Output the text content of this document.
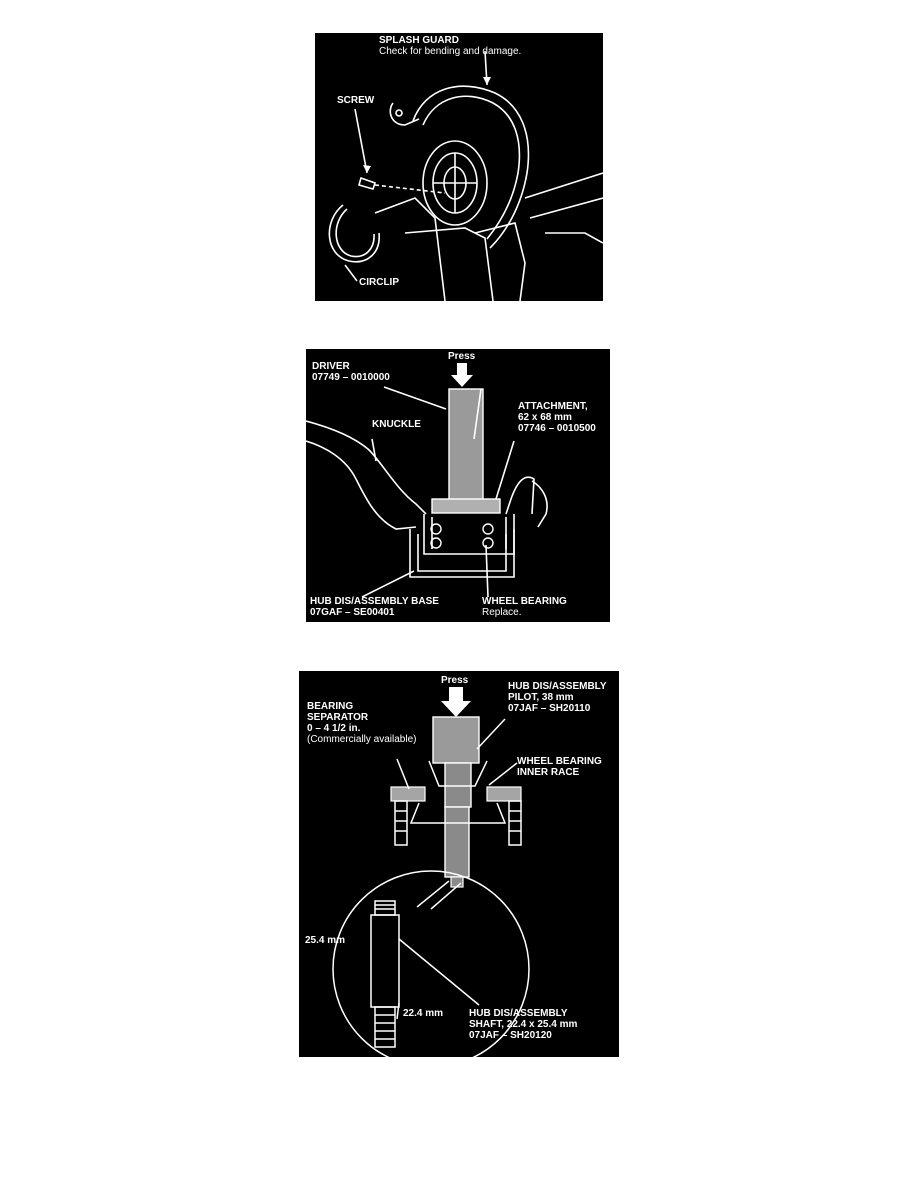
SPLASH GUARD
Check for bending and damage.
SCREW
CIRCLIP
Press
DRIVER
07749 – 0010000
KNUCKLE
ATTACHMENT,
62 x 68 mm
07746 – 0010500
HUB DIS/ASSEMBLY BASE
07GAF – SE00401
WHEEL BEARING
Replace.
Press
HUB DIS/ASSEMBLY
PILOT, 38 mm
07JAF – SH20110
BEARING
SEPARATOR
0 – 4 1/2 in.
(Commercially available)
WHEEL BEARING
INNER RACE
25.4 mm
22.4 mm	HUB DIS/ASSEMBLY
SHAFT, 22.4 x 25.4 mm
07JAF – SH20120
